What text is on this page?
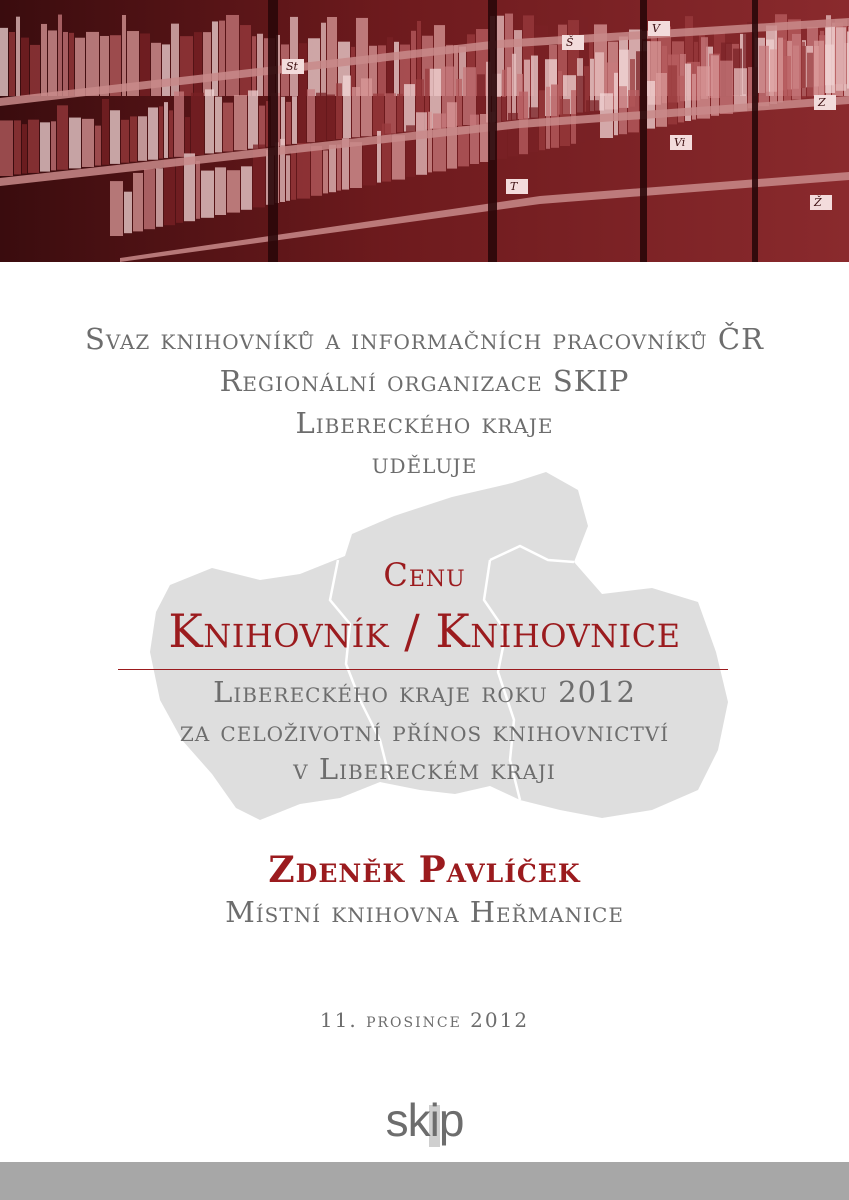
St
Š
V
T
Vi
Z
Ž
Svaz knihovníků a informačních pracovníků ČR
Regionální organizace SKIP
Libereckého kraje
uděluje
Cenu
Knihovník / Knihovnice
Libereckého kraje roku 2012
za celoživotní přínos knihovnictví
v Libereckém kraji
Zdeněk Pavlíček
Místní knihovna Heřmanice
11. prosince 2012
skip
